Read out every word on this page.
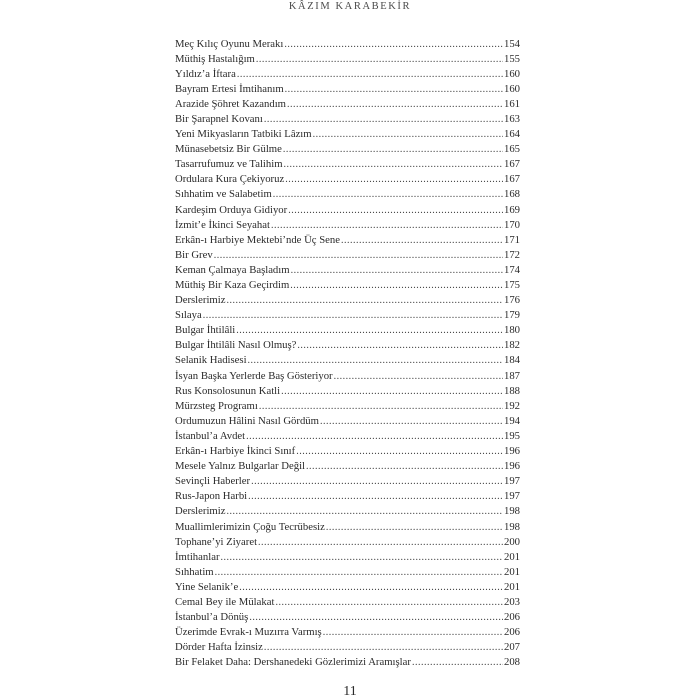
KÂZIM KARABEKİR
Meç Kılıç Oyunu Merakı .....	154
Müthiş Hastalığım .....	155
Yıldız’a İftara .....	160
Bayram Ertesi İmtihanım .....	160
Arazide Şöhret Kazandım .....	161
Bir Şarapnel Kovanı .....	163
Yeni Mikyasların Tatbiki Lâzım .....	164
Münasebetsiz Bir Gülme .....	165
Tasarrufumuz ve Talihim .....	167
Ordulara Kura Çekiyoruz .....	167
Sıhhatim ve Salabetim .....	168
Kardeşim Orduya Gidiyor .....	169
İzmit’e İkinci Seyahat .....	170
Erkân-ı Harbiye Mektebi’nde Üç Sene .....	171
Bir Grev .....	172
Keman Çalmaya Başladım .....	174
Müthiş Bir Kaza Geçirdim .....	175
Derslerimiz .....	176
Sılaya .....	179
Bulgar İhtilâli .....	180
Bulgar İhtilâli Nasıl Olmuş? .....	182
Selanik Hadisesi .....	184
İsyan Başka Yerlerde Baş Gösteriyor .....	187
Rus Konsolosunun Katli .....	188
Mürzsteg Programı .....	192
Ordumuzun Hâlini Nasıl Gördüm .....	194
İstanbul’a Avdet .....	195
Erkân-ı Harbiye İkinci Sınıf .....	196
Mesele Yalnız Bulgarlar Değil .....	196
Sevinçli Haberler .....	197
Rus-Japon Harbi .....	197
Derslerimiz .....	198
Muallimlerimizin Çoğu Tecrübesiz .....	198
Tophane’yi Ziyaret .....	200
İmtihanlar .....	201
Sıhhatim .....	201
Yine Selanik’e .....	201
Cemal Bey ile Mülakat .....	203
İstanbul’a Dönüş .....	206
Üzerimde Evrak-ı Muzırra Varmış .....	206
Dörder Hafta İzinsiz .....	207
Bir Felaket Daha: Dershanedeki Gözlerimizi Aramışlar .....	208
11
